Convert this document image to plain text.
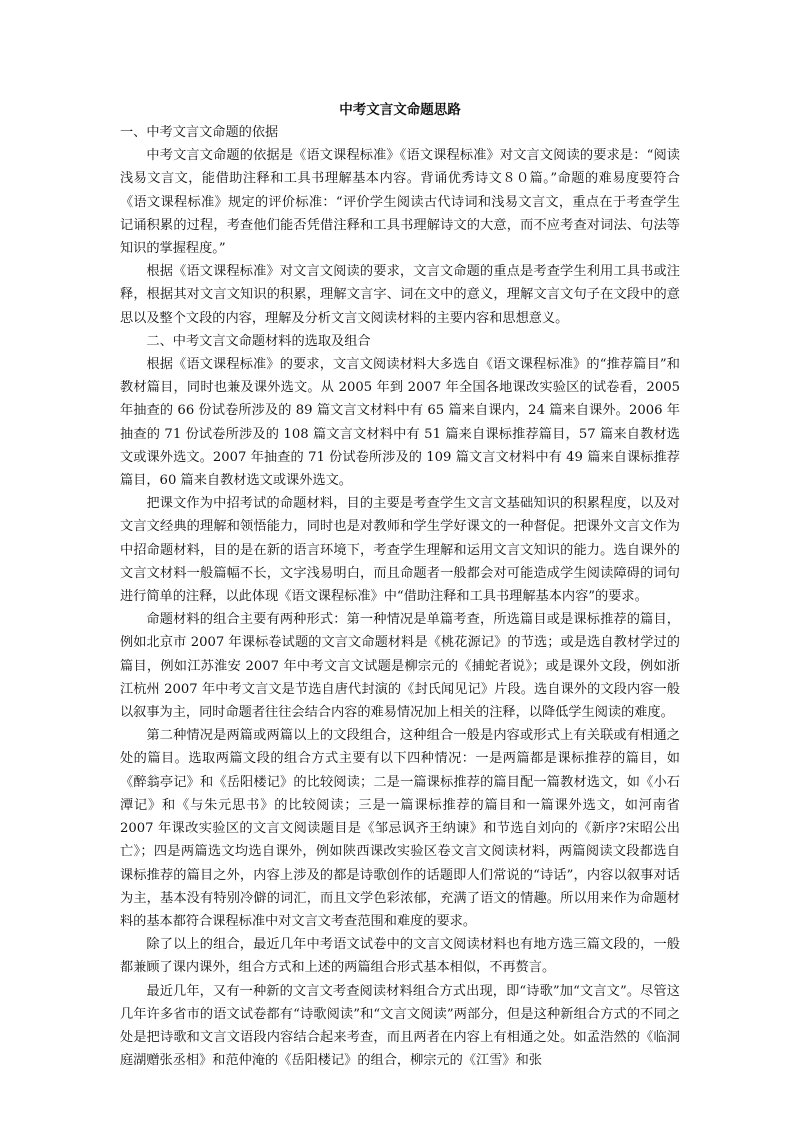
中考文言文命题思路

一、中考文言文命题的依据

中考文言文命题的依据是《语文课程标准》《语文课程标准》对文言文阅读的要求是：“阅读浅易文言文，能借助注释和工具书理解基本内容。背诵优秀诗文８０篇。”命题的难易度要符合《语文课程标准》规定的评价标准：“评价学生阅读古代诗词和浅易文言文，重点在于考查学生记诵积累的过程，考查他们能否凭借注释和工具书理解诗文的大意，而不应考查对词法、句法等知识的掌握程度。”

根据《语文课程标准》对文言文阅读的要求，文言文命题的重点是考查学生利用工具书或注释，根据其对文言文知识的积累，理解文言字、词在文中的意义，理解文言文句子在文段中的意思以及整个文段的内容，理解及分析文言文阅读材料的主要内容和思想意义。

二、中考文言文命题材料的选取及组合

根据《语文课程标准》的要求，文言文阅读材料大多选自《语文课程标准》的“推荐篇目”和教材篇目，同时也兼及课外选文。从 2005 年到 2007 年全国各地课改实验区的试卷看，2005 年抽查的 66 份试卷所涉及的 89 篇文言文材料中有 65 篇来自课内，24 篇来自课外。2006 年抽查的 71 份试卷所涉及的 108 篇文言文材料中有 51 篇来自课标推荐篇目，57 篇来自教材选文或课外选文。2007 年抽查的 71 份试卷所涉及的 109 篇文言文材料中有 49 篇来自课标推荐篇目，60 篇来自教材选文或课外选文。

把课文作为中招考试的命题材料，目的主要是考查学生文言文基础知识的积累程度，以及对文言文经典的理解和领悟能力，同时也是对教师和学生学好课文的一种督促。把课外文言文作为中招命题材料，目的是在新的语言环境下，考查学生理解和运用文言文知识的能力。选自课外的文言文材料一般篇幅不长，文字浅易明白，而且命题者一般都会对可能造成学生阅读障碍的词句进行简单的注释，以此体现《语文课程标准》中“借助注释和工具书理解基本内容”的要求。

命题材料的组合主要有两种形式：第一种情况是单篇考查，所选篇目或是课标推荐的篇目，例如北京市 2007 年课标卷试题的文言文命题材料是《桃花源记》的节选；或是选自教材学过的篇目，例如江苏淮安 2007 年中考文言文试题是柳宗元的《捕蛇者说》；或是课外文段，例如浙江杭州 2007 年中考文言文是节选自唐代封演的《封氏闻见记》片段。选自课外的文段内容一般以叙事为主，同时命题者往往会结合内容的难易情况加上相关的注释，以降低学生阅读的难度。

第二种情况是两篇或两篇以上的文段组合，这种组合一般是内容或形式上有关联或有相通之处的篇目。选取两篇文段的组合方式主要有以下四种情况：一是两篇都是课标推荐的篇目，如《醉翁亭记》和《岳阳楼记》的比较阅读；二是一篇课标推荐的篇目配一篇教材选文，如《小石潭记》和《与朱元思书》的比较阅读；三是一篇课标推荐的篇目和一篇课外选文，如河南省 2007 年课改实验区的文言文阅读题目是《邹忌讽齐王纳谏》和节选自刘向的《新序?宋昭公出亡》；四是两篇选文均选自课外，例如陕西课改实验区卷文言文阅读材料，两篇阅读文段都选自课标推荐的篇目之外，内容上涉及的都是诗歌创作的话题即人们常说的“诗话”，内容以叙事对话为主，基本没有特别冷僻的词汇，而且文学色彩浓郁，充满了语文的情趣。所以用来作为命题材料的基本都符合课程标准中对文言文考查范围和难度的要求。

除了以上的组合，最近几年中考语文试卷中的文言文阅读材料也有地方选三篇文段的，一般都兼顾了课内课外，组合方式和上述的两篇组合形式基本相似，不再赘言。

最近几年，又有一种新的文言文考查阅读材料组合方式出现，即“诗歌”加“文言文”。尽管这几年许多省市的语文试卷都有“诗歌阅读”和“文言文阅读”两部分，但是这种新组合方式的不同之处是把诗歌和文言文语段内容结合起来考查，而且两者在内容上有相通之处。如孟浩然的《临洞庭湖赠张丞相》和范仲淹的《岳阳楼记》的组合，柳宗元的《江雪》和张
